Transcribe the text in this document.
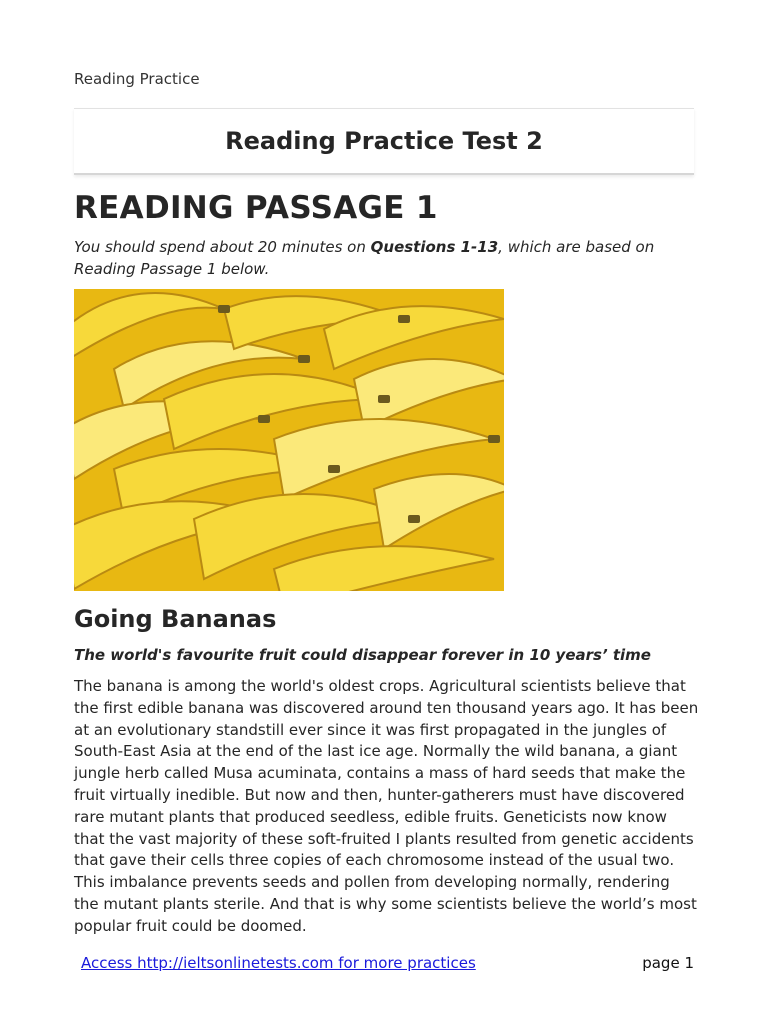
Reading Practice
Reading Practice Test 2
READING PASSAGE 1

You should spend about 20 minutes on Questions 1-13, which are based on Reading Passage 1 below.

Going Bananas

The world's favourite fruit could disappear forever in 10 years’ time

The banana is among the world's oldest crops. Agricultural scientists believe that the first edible banana was discovered around ten thousand years ago. It has been at an evolutionary standstill ever since it was first propagated in the jungles of South-East Asia at the end of the last ice age. Normally the wild banana, a giant jungle herb called Musa acuminata, contains a mass of hard seeds that make the fruit virtually inedible. But now and then, hunter-gatherers must have discovered rare mutant plants that produced seedless, edible fruits. Geneticists now know that the vast majority of these soft-fruited I plants resulted from genetic accidents that gave their cells three copies of each chromosome instead of the usual two. This imbalance prevents seeds and pollen from developing normally, rendering the mutant plants sterile. And that is why some scientists believe the world’s most popular fruit could be doomed.

Access http://ieltsonlinetests.com for more practices	page 1
